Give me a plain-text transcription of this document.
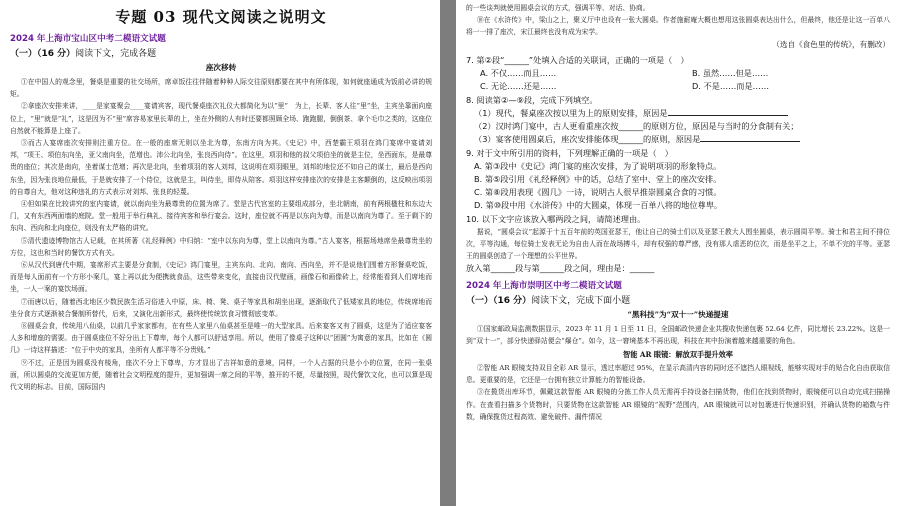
专题 03 现代文阅读之说明文
2024 年上海市宝山区中考二模语文试题
（一）（16 分）阅读下文，完成各题
座次移转

①在中国人的观念里，餐桌是重要的社交场所，席卓饭往往伴随着种种人际交往原则都要在其中有所体现，如何就座通成为饭前必讲的规矩。

②拿座次安排来讲，____是家宴聚会____宴请宾客，现代餐桌座次礼仪大都简化为以“里”　为上，长辈、客人往“里”坐，主宾坐靠面向座位上，“里”就是“礼”，这是因为不“里”席容易家里长辈的上，坐在外侧的人有时还要都照顾全场、跑跑腿，倒倒茶、拿个毛巾之类的，这座位自然就不能算是上座了。

③而古人宴席座次安排则注重方位。在一般的座席无则以坐北为尊，东南方向为其。《史记》中，西楚霸王项羽在鸿门宴席中宴请刘邦，“项王、项伯东向坐，亚父南向坐，范增也。沛公北向坐，张良西向侍”。在这里，项羽和他的叔父项伯坐的就是主位，坐西面东，是最尊贵的座位；其次是南向，坐着谋士范增；再次是北向，坐着项羽的客人刘邦，这说明在项羽眼里，刘邦的地位还不如自己的谋士，最后是西向东坐，因为张良地位最低，于是就安排了一个侍位，这就是主，叫侍坐，即侍从陪客。项羽这样安排座次的安排是主客颠倒的，这反映出项羽的自尊自大，他对这种违礼的方式表示对刘邦、张良的轻蔑。

④但如果在比较讲究的室内宴请，就以南向坐为最尊贵的位置为席了。堂是古代宫室的主要组成部分，坐北朝南，前有两根楹柱和东边大门，又有东西两面墙的庭院。堂一般用于举行典礼、接待宾客和举行宴会。这时，座位就不再是以东向为尊，而是以南向为尊了。至于剩下的东向、西向和北向座位，则没有太严格的讲究。

⑤清代遗迹博物馆古人记载，在其所著《礼经释例》中归纳：“室中以东向为尊，堂上以南向为尊。”古人宴客，根据场地席坐最尊贵坐的方位，这也和当时的餐饮方式有关。

⑥从汉代到唐代中期，宴席形式主要是分食制，《史记》鸿门宴里，主宾东向、北向、南向、西向坐，并不是说他们围着方形餐桌吃饭，而是每人面前有一个方形小案几，宴上再以此为便携就食品，这些带来变化，直接由汉代壁画，画像石和画像砖上，经常能看到人们席地而坐，一人一案的宴饮场面。

⑦而唐以后，随着西北地区少数民族生活习俗进入中原，床、椅、凳、桌子等家具和胡坐出现，逐渐取代了低矮家具的地位，传统席地而坐分食方式逐渐被合餐制所替代，后来，又演化出新形式，最终使传统饮食习惯彻底变革。

⑧圆桌会食，传统用八仙桌，以前几乎家家都有，在有些人家里八仙桌甚至是唯一的大型家具。后来宴客又有了圆桌，这是为了适应宴客人多和增座的需要。由于圆桌座位不好分出上下尊卑，每个人都可以舒适享用。所以，使用了像桌子这种以“团圆”为寓意的家具，比如在《圆几》一诗这样描述：“位于中央的家具，坐所有人都平等不分贵贱。”

⑨不过，正是因为圆桌没有棱角，座次不分上下尊卑，方才显出了吉祥如意的意境，同样，一个人占据的只是小小的位置，在同一张桌面，所以圆桌的交流更加方便，随着社会文明程度的提升，更加强调一席之间的平等，推开的不便，尽量按照，现代餐饮文化，也可以算是现代文明的标志。目前，国际国内

的一些谈判就使用圆桌会议的方式，强调平等、对话、协商。

⑩在《水浒传》中，梁山之上，聚义厅中也设有一张大圆桌。作者施耐庵大概也想用这张圆桌表达出什么，但最终，他还是让这一百单八将一一排了座次，宋江最终也没有成为宋学。

（选自《食色里的传统》，有删改）

7. 第②段“______”处填入合适的关联词，正确的一项是（　）

A. 不仅……而且……	B. 虽然……但是……
C. 无论……还是……	D. 不是……而是……

8. 阅读第②—⑨段，完成下列填空。

（1）现代，餐桌座次按以里为上的原则安排，原因是

（2）汉时鸿门宴中，古人更看重座次按______的原则方位，原因是与当时的分食制有关；

（3）宴客使用圆桌后，座次安排能体现______的原则，原因是

9. 对于文中所引用的资料，下列理解正确的一项是（　）

A. 第③段中《史记》鸿门宴的座次安排，为了说明项羽的形象特点。

B. 第⑤段引用《礼经释例》中的话，总结了室中、堂上的座次安排。

C. 第⑧段用表现《圆几》一诗，说明古人很早推崇圆桌合食的习惯。

D. 第⑩段中用《水浒传》中的大圆桌，体现一百单八将的地位尊卑。

10. 以下文字应该放入哪两段之间，请简述理由。

据说，“圆桌会议”起源于十五百年前的英国亚瑟王，他让自己的骑士们以及亚瑟王教大人围坐圆桌，表示圆周平等。骑士和君主间不排位次，平等沟通，每位骑士发表无论为自由人而在战场搏斗，却有权强的尊严感，没有那人虐恶的位次，而是坐平之上，不单不完的平等。亚瑟王的圆桌创造了一个理想的公平世界。

放入第______段与第______段之间，理由是：______

2024 年上海市崇明区中考二模语文试题
（一）（16 分）阅读下文，完成下面小题
“黑科技”为“双十一”快递提速

①国家邮政局监测数据显示，2023 年 11 月 1 日至 11 日，全国邮政快递企业共揽收快递包裹 52.64 亿件，同比增长 23.22%。这是一到“双十一”，部分快递驿站便会“爆仓”。如今，这一窘境基本不再出现，科技在其中扮演着越来越重要的角色。

智能 AR 眼镜：解放双手提升效率

②智能 AR 眼镜支持双目全彩 AR 显示，透过率超过 95%，在显示高清内容的同时还不遮挡人眼视线，能够实现对手的贴合化自由获取信息。更重要的是，它还是一台拥有独立计算能力的智能设备。

③在揽货出库环节，佩戴这款智能 AR 眼镜的分拣工作人员无需再手持设备扫描货物，他们在找到货物时，眼镜便可以自动完成扫描操作。在查看扫描多个货物时，只要货物在这款智能 AR 眼镜的“视野”范围内，AR 眼镜就可以对包裹进行快速识别，并确认货物的箱数与件数，确保揽货过程高效、避免破件、漏件情况
